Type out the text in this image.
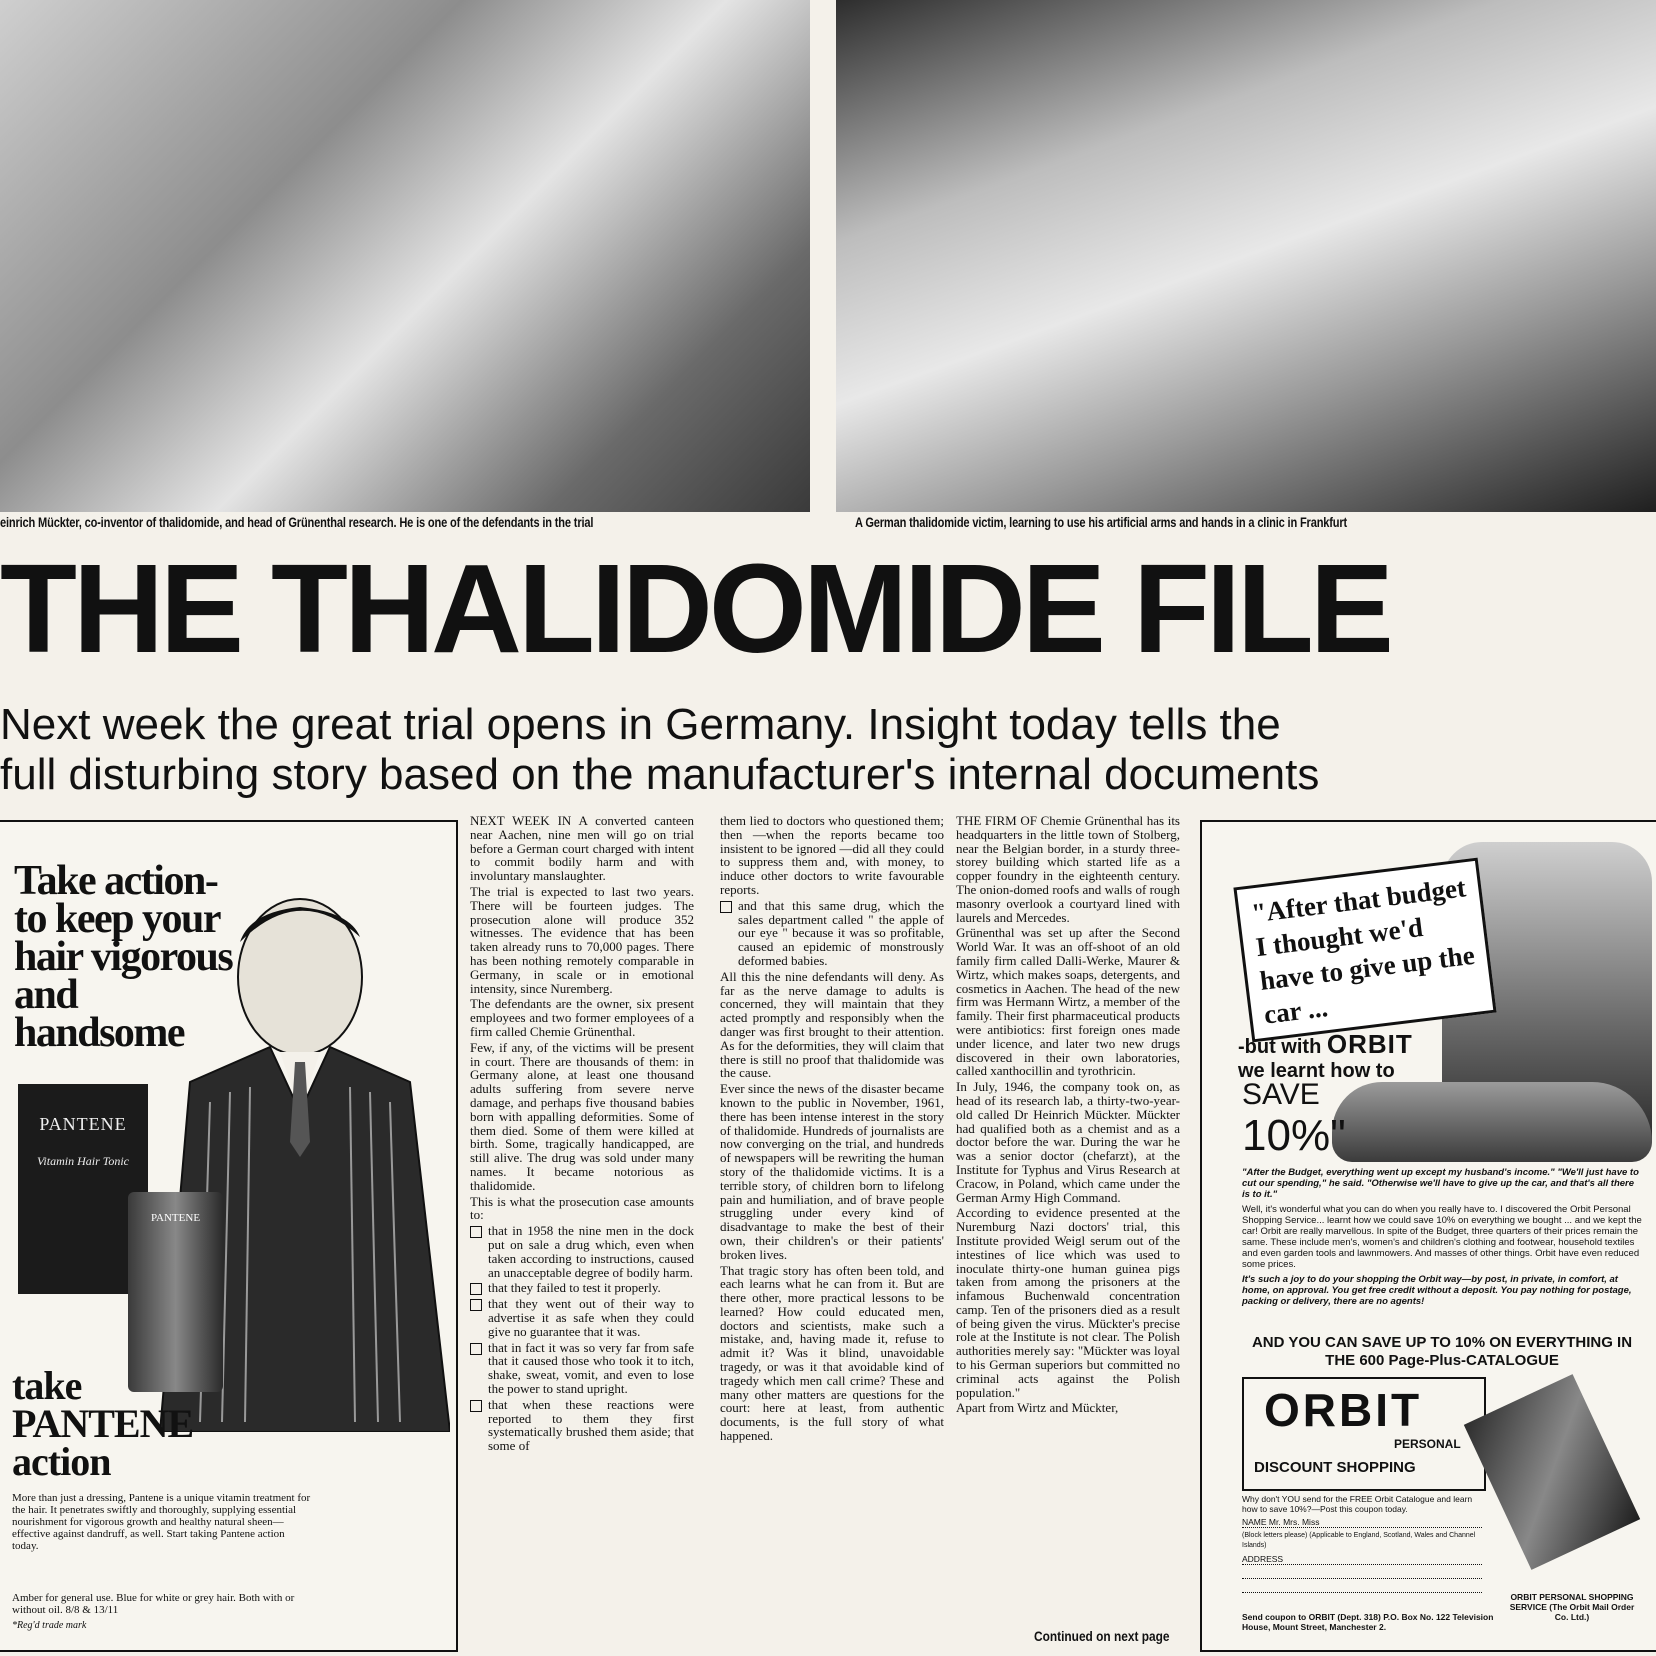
einrich Mückter, co-inventor of thalidomide, and head of Grünenthal research. He is one of the defendants in the trial	A German thalidomide victim, learning to use his artificial arms and hands in a clinic in Frankfurt
THE THALIDOMIDE FILE
Next week the great trial opens in Germany. Insight today tells the
full disturbing story based on the manufacturer's internal documents
Take action- to keep your hair vigorous and handsome
PANTENE
Vitamin Hair Tonic
PANTENE
take PANTENE action
More than just a dressing, Pantene is a unique vitamin treatment for the hair. It penetrates swiftly and thoroughly, supplying essential nourishment for vigorous growth and healthy natural sheen—effective against dandruff, as well. Start taking Pantene action today.
Amber for general use. Blue for white or grey hair. Both with or without oil. 8/8 & 13/11
*Reg'd trade mark

NEXT WEEK IN A converted canteen near Aachen, nine men will go on trial before a German court charged with intent to commit bodily harm and with involuntary manslaughter.

The trial is expected to last two years. There will be fourteen judges. The prosecution alone will produce 352 witnesses. The evidence that has been taken already runs to 70,000 pages. There has been nothing remotely comparable in Germany, in scale or in emotional intensity, since Nuremberg.

The defendants are the owner, six present employees and two former employees of a firm called Chemie Grünenthal.

Few, if any, of the victims will be present in court. There are thousands of them: in Germany alone, at least one thousand adults suffering from severe nerve damage, and perhaps five thousand babies born with appalling deformities. Some of them died. Some of them were killed at birth. Some, tragically handicapped, are still alive. The drug was sold under many names. It became notorious as thalidomide.

This is what the prosecution case amounts to:

that in 1958 the nine men in the dock put on sale a drug which, even when taken according to instructions, caused an unacceptable degree of bodily harm.

that they failed to test it properly.

that they went out of their way to advertise it as safe when they could give no guarantee that it was.

that in fact it was so very far from safe that it caused those who took it to itch, shake, sweat, vomit, and even to lose the power to stand upright.

that when these reactions were reported to them they first systematically brushed them aside; that some of

them lied to doctors who questioned them; then —when the reports became too insistent to be ignored —did all they could to suppress them and, with money, to induce other doctors to write favourable reports.

and that this same drug, which the sales department called " the apple of our eye " because it was so profitable, caused an epidemic of monstrously deformed babies.

All this the nine defendants will deny. As far as the nerve damage to adults is concerned, they will maintain that they acted promptly and responsibly when the danger was first brought to their attention. As for the deformities, they will claim that there is still no proof that thalidomide was the cause.

Ever since the news of the disaster became known to the public in November, 1961, there has been intense interest in the story of thalidomide. Hundreds of journalists are now converging on the trial, and hundreds of newspapers will be rewriting the human story of the thalidomide victims. It is a terrible story, of children born to lifelong pain and humiliation, and of brave people struggling under every kind of disadvantage to make the best of their own, their children's or their patients' broken lives.

That tragic story has often been told, and each learns what he can from it. But are there other, more practical lessons to be learned? How could educated men, doctors and scientists, make such a mistake, and, having made it, refuse to admit it? Was it blind, unavoidable tragedy, or was it that avoidable kind of tragedy which men call crime? These and many other matters are questions for the court: here at least, from authentic documents, is the full story of what happened.

THE FIRM OF Chemie Grünenthal has its headquarters in the little town of Stolberg, near the Belgian border, in a sturdy three-storey building which started life as a copper foundry in the eighteenth century. The onion-domed roofs and walls of rough masonry overlook a courtyard lined with laurels and Mercedes.

Grünenthal was set up after the Second World War. It was an off-shoot of an old family firm called Dalli-Werke, Maurer & Wirtz, which makes soaps, detergents, and cosmetics in Aachen. The head of the new firm was Hermann Wirtz, a member of the family. Their first pharmaceutical products were antibiotics: first foreign ones made under licence, and later two new drugs discovered in their own laboratories, called xanthocillin and tyrothricin.

In July, 1946, the company took on, as head of its research lab, a thirty-two-year-old called Dr Heinrich Mückter. Mückter had qualified both as a chemist and as a doctor before the war. During the war he was a senior doctor (chefarzt), at the Institute for Typhus and Virus Research at Cracow, in Poland, which came under the German Army High Command.

According to evidence presented at the Nuremburg Nazi doctors' trial, this Institute provided Weigl serum out of the intestines of lice which was used to inoculate thirty-one human guinea pigs taken from among the prisoners at the infamous Buchenwald concentration camp. Ten of the prisoners died as a result of being given the virus. Mückter's precise role at the Institute is not clear. The Polish authorities merely say: "Mückter was loyal to his German superiors but committed no criminal acts against the Polish population."

Apart from Wirtz and Mückter,

Continued on next page
"After that budget I thought we'd have to give up the car ...
-but with ORBIT
we learnt how to
SAVE
10%"

"After the Budget, everything went up except my husband's income." "We'll just have to cut our spending," he said. "Otherwise we'll have to give up the car, and that's all there is to it."

Well, it's wonderful what you can do when you really have to. I discovered the Orbit Personal Shopping Service... learnt how we could save 10% on everything we bought ... and we kept the car! Orbit are really marvellous. In spite of the Budget, three quarters of their prices remain the same. These include men's, women's and children's clothing and footwear, household textiles and even garden tools and lawnmowers. And masses of other things. Orbit have even reduced some prices.

It's such a joy to do your shopping the Orbit way—by post, in private, in comfort, at home, on approval. You get free credit without a deposit. You pay nothing for postage, packing or delivery, there are no agents!

AND YOU CAN SAVE UP TO 10% ON EVERYTHING IN THE 600 Page-Plus-CATALOGUE
ORBIT
PERSONAL
DISCOUNT SHOPPING
Why don't YOU send for the FREE Orbit Catalogue and learn how to save 10%?—Post this coupon today.
NAME Mr. Mrs. Miss
(Block letters please) (Applicable to England, Scotland, Wales and Channel Islands)
ADDRESS

Send coupon to ORBIT (Dept. 318) P.O. Box No. 122 Television House, Mount Street, Manchester 2.
ORBIT PERSONAL SHOPPING SERVICE (The Orbit Mail Order Co. Ltd.)
